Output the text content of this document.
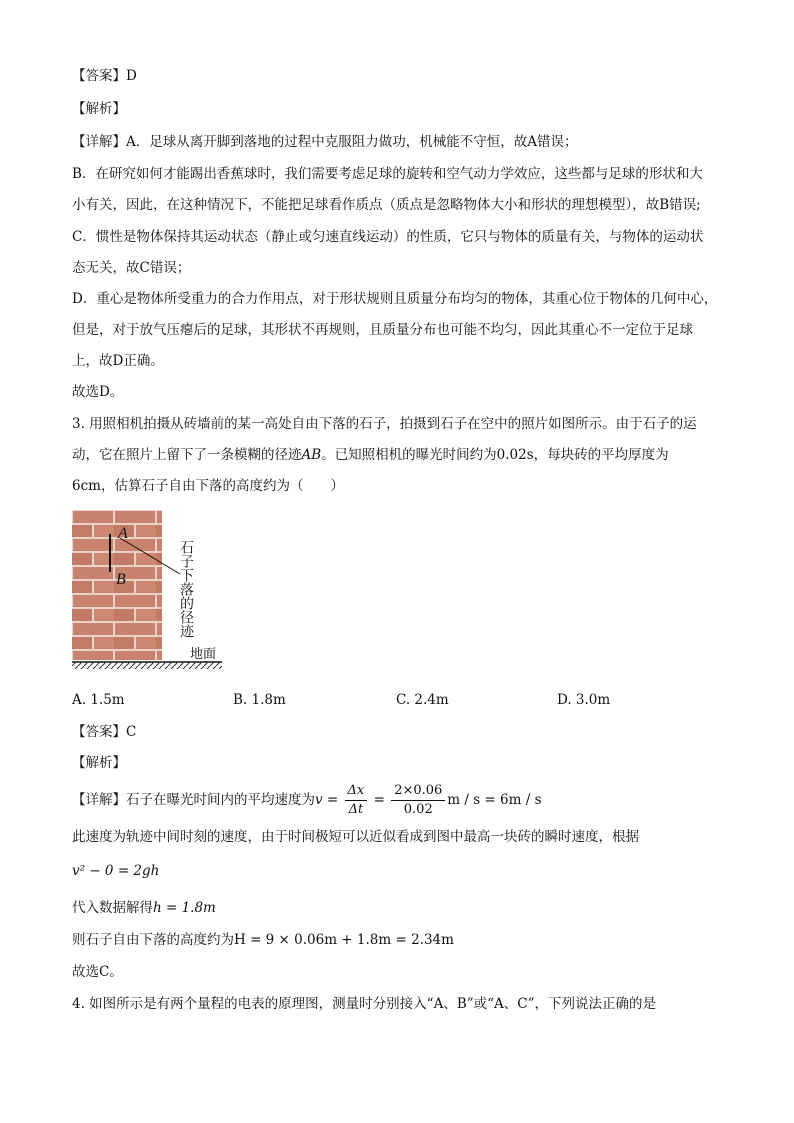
【答案】D
【解析】
【详解】A．足球从离开脚到落地的过程中克服阻力做功，机械能不守恒，故A错误；
B．在研究如何才能踢出香蕉球时，我们需要考虑足球的旋转和空气动力学效应，这些都与足球的形状和大
小有关，因此，在这种情况下，不能把足球看作质点（质点是忽略物体大小和形状的理想模型），故B错误;
C．惯性是物体保持其运动状态（静止或匀速直线运动）的性质，它只与物体的质量有关，与物体的运动状
态无关，故C错误；
D．重心是物体所受重力的合力作用点，对于形状规则且质量分布均匀的物体，其重心位于物体的几何中心，
但是，对于放气压瘪后的足球，其形状不再规则，且质量分布也可能不均匀，因此其重心不一定位于足球
上，故D正确。
故选D。
3. 用照相机拍摄从砖墙前的某一高处自由下落的石子，拍摄到石子在空中的照片如图所示。由于石子的运
动，它在照片上留下了一条模糊的径迹AB。已知照相机的曝光时间约为0.02s，每块砖的平均厚度为
6cm，估算石子自由下落的高度约为（　　）
A
B	石子下落的径迹
地面
A. 1.5m	B. 1.8m	C. 2.4m	D. 3.0m
【答案】C
【解析】
【详解】石子在曝光时间内的平均速度为$v = \frac{\Delta x}{\Delta t} = \frac{2\times 0.06}{0.02}$ m / s = 6m / s
此速度为轨迹中间时刻的速度，由于时间极短可以近似看成到图中最高一块砖的瞬时速度，根据
v² − 0 = 2gh
代入数据解得h = 1.8m
则石子自由下落的高度约为H = 9 × 0.06m + 1.8m = 2.34m
故选C。
4. 如图所示是有两个量程的电表的原理图，测量时分别接入“A、B”或“A、C”，下列说法正确的是
